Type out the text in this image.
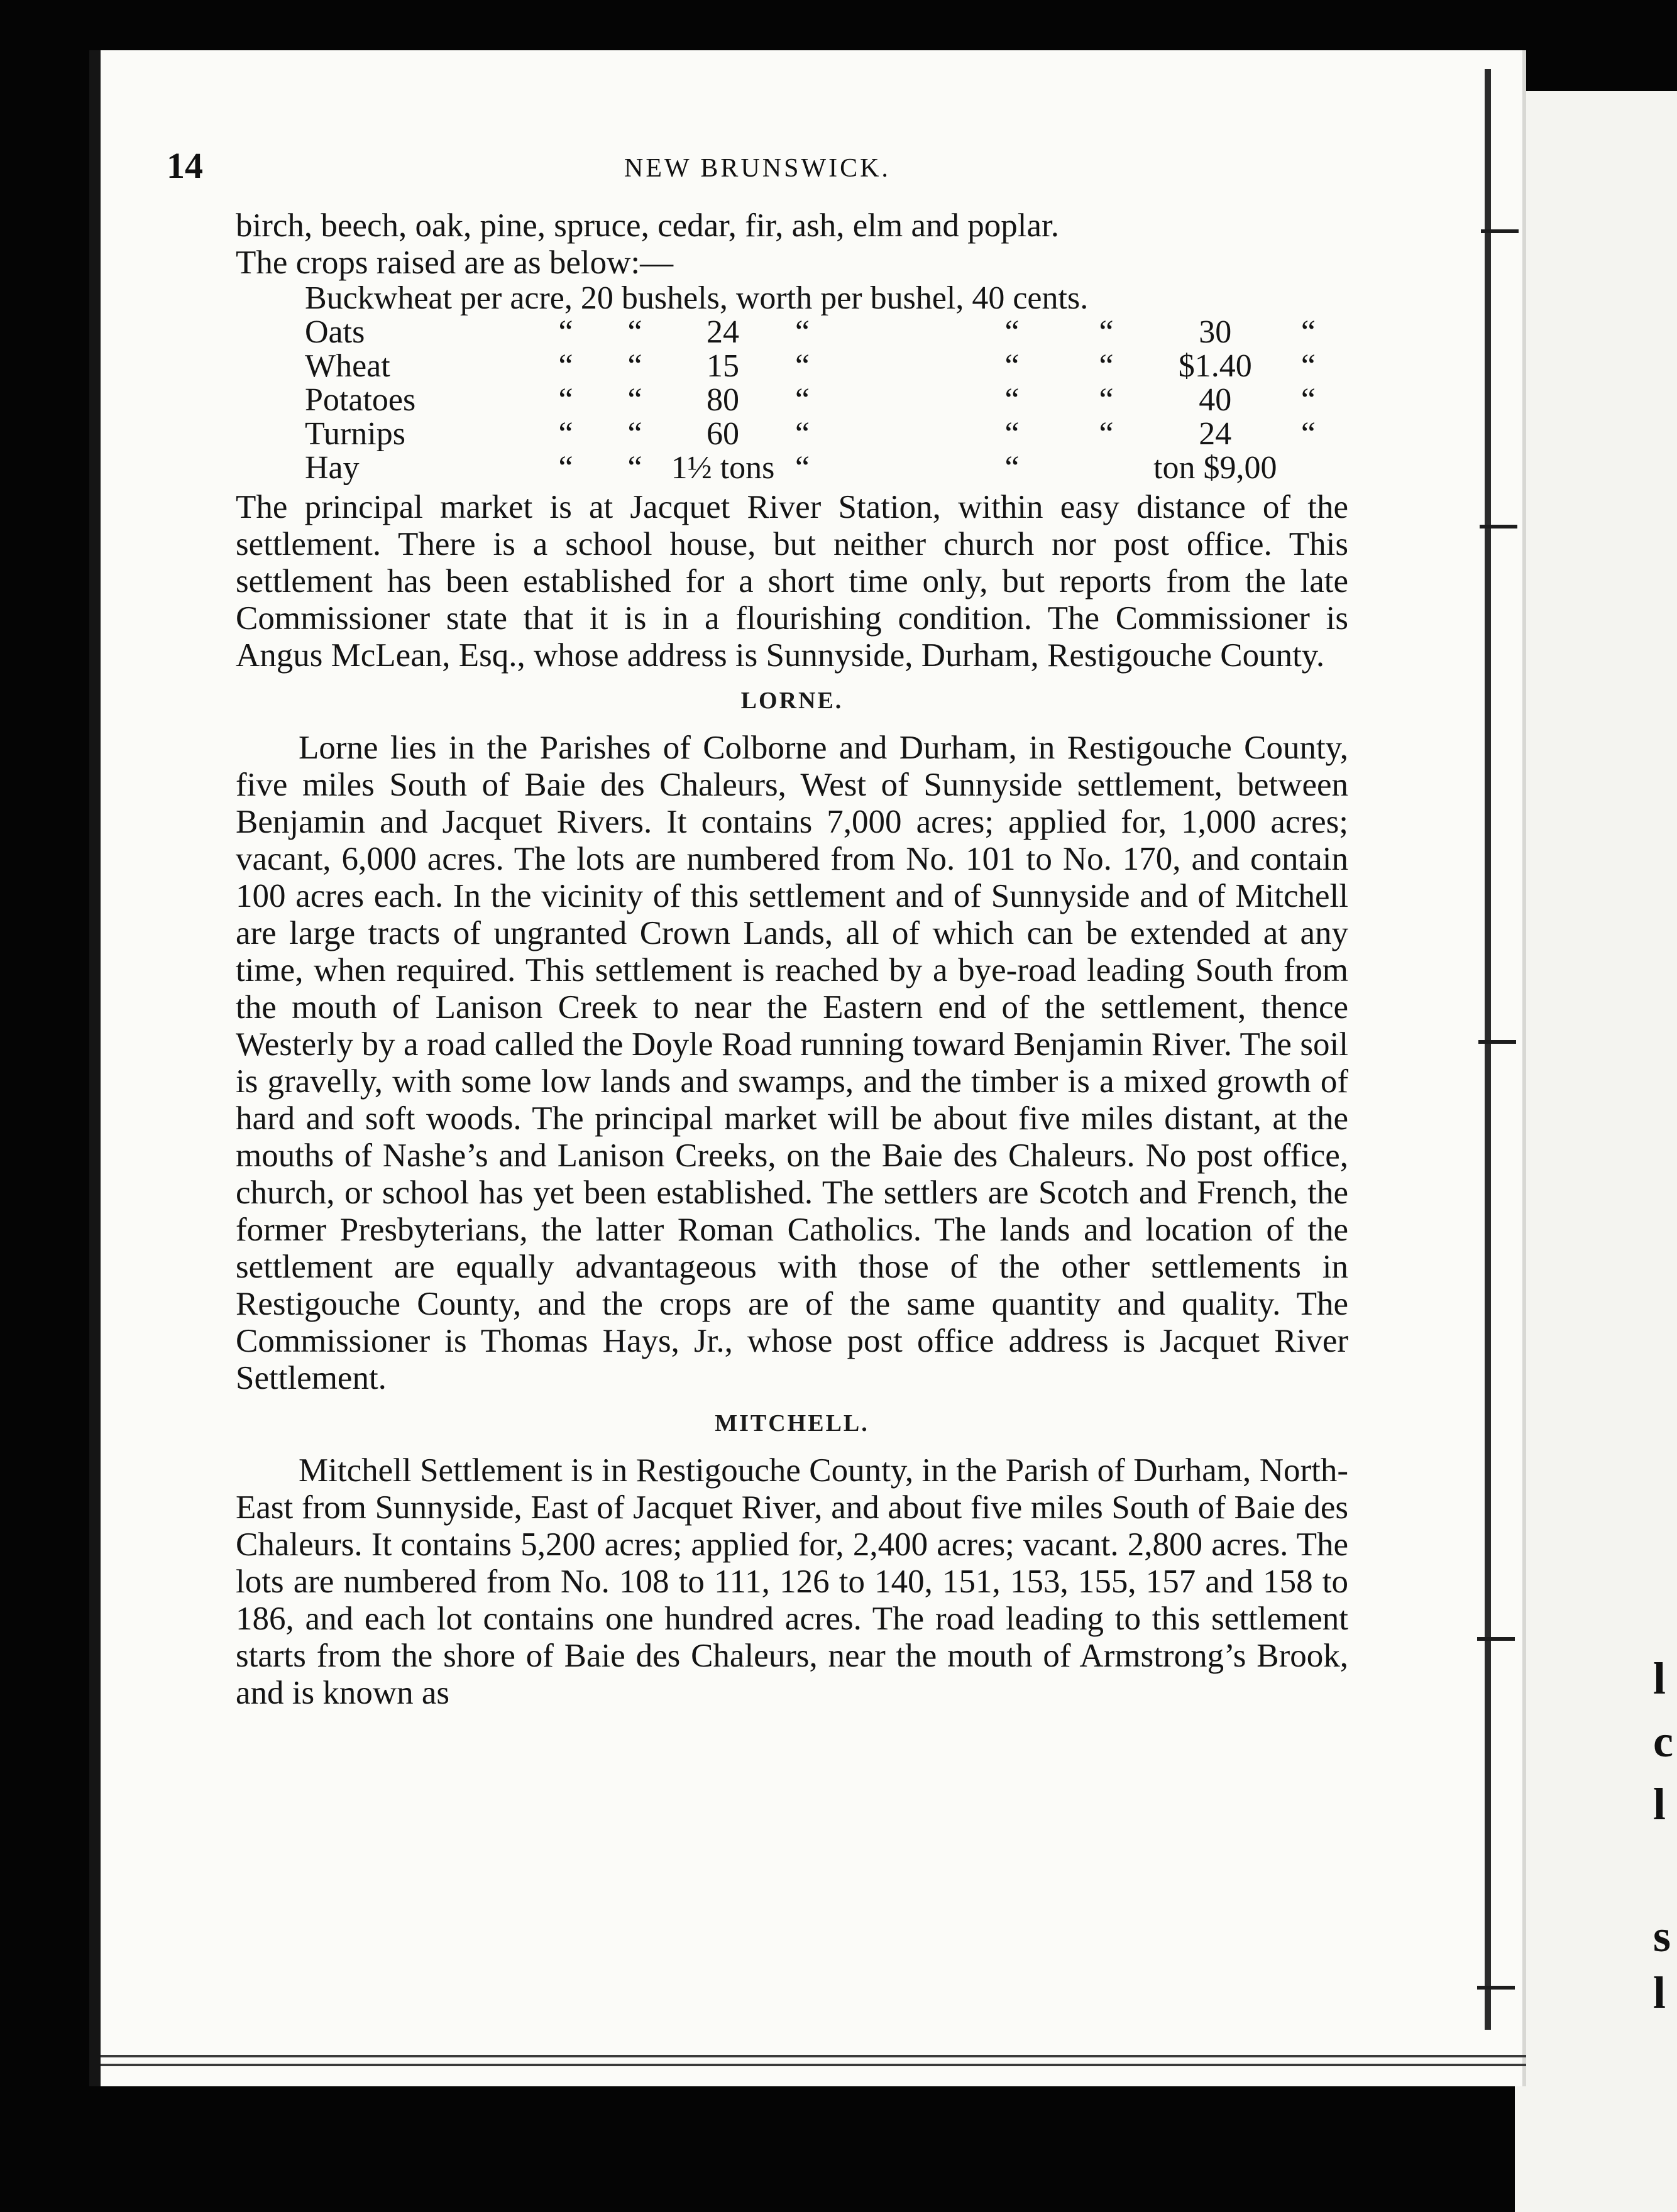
l
c
l
s
l
14	NEW BRUNSWICK.

birch, beech, oak, pine, spruce, cedar, fir, ash, elm and poplar.

The crops raised are as below:—

Buckwheat per acre, 20 bushels, worth per bushel, 40 cents.
Oats	“	“	24	“	“	“	30	“
Wheat	“	“	15	“	“	“	$1.40	“
Potatoes	“	“	80	“	“	“	40	“
Turnips	“	“	60	“	“	“	24	“
Hay	“	“	1½ tons	“	“		ton $9,00	

The principal market is at Jacquet River Station, within easy distance of the settlement. There is a school house, but neither church nor post office. This settlement has been established for a short time only, but reports from the late Commissioner state that it is in a flourishing condition. The Commissioner is Angus McLean, Esq., whose address is Sunnyside, Durham, Restigouche County.

LORNE.

Lorne lies in the Parishes of Colborne and Durham, in Restigouche County, five miles South of Baie des Chaleurs, West of Sunnyside settlement, between Benjamin and Jacquet Rivers. It contains 7,000 acres; applied for, 1,000 acres; vacant, 6,000 acres. The lots are numbered from No. 101 to No. 170, and contain 100 acres each. In the vicinity of this settlement and of Sunnyside and of Mitchell are large tracts of ungranted Crown Lands, all of which can be extended at any time, when required. This settlement is reached by a bye-road leading South from the mouth of Lanison Creek to near the Eastern end of the settlement, thence Westerly by a road called the Doyle Road running toward Benjamin River. The soil is gravelly, with some low lands and swamps, and the timber is a mixed growth of hard and soft woods. The principal market will be about five miles distant, at the mouths of Nashe’s and Lanison Creeks, on the Baie des Chaleurs. No post office, church, or school has yet been established. The settlers are Scotch and French, the former Presbyterians, the latter Roman Catholics. The lands and location of the settlement are equally advantageous with those of the other settlements in Restigouche County, and the crops are of the same quantity and quality. The Commissioner is Thomas Hays, Jr., whose post office address is Jacquet River Settlement.

MITCHELL.

Mitchell Settlement is in Restigouche County, in the Parish of Durham, North-East from Sunnyside, East of Jacquet River, and about five miles South of Baie des Chaleurs. It contains 5,200 acres; applied for, 2,400 acres; vacant. 2,800 acres. The lots are numbered from No. 108 to 111, 126 to 140, 151, 153, 155, 157 and 158 to 186, and each lot contains one hundred acres. The road leading to this settlement starts from the shore of Baie des Chaleurs, near the mouth of Armstrong’s Brook, and is known as
